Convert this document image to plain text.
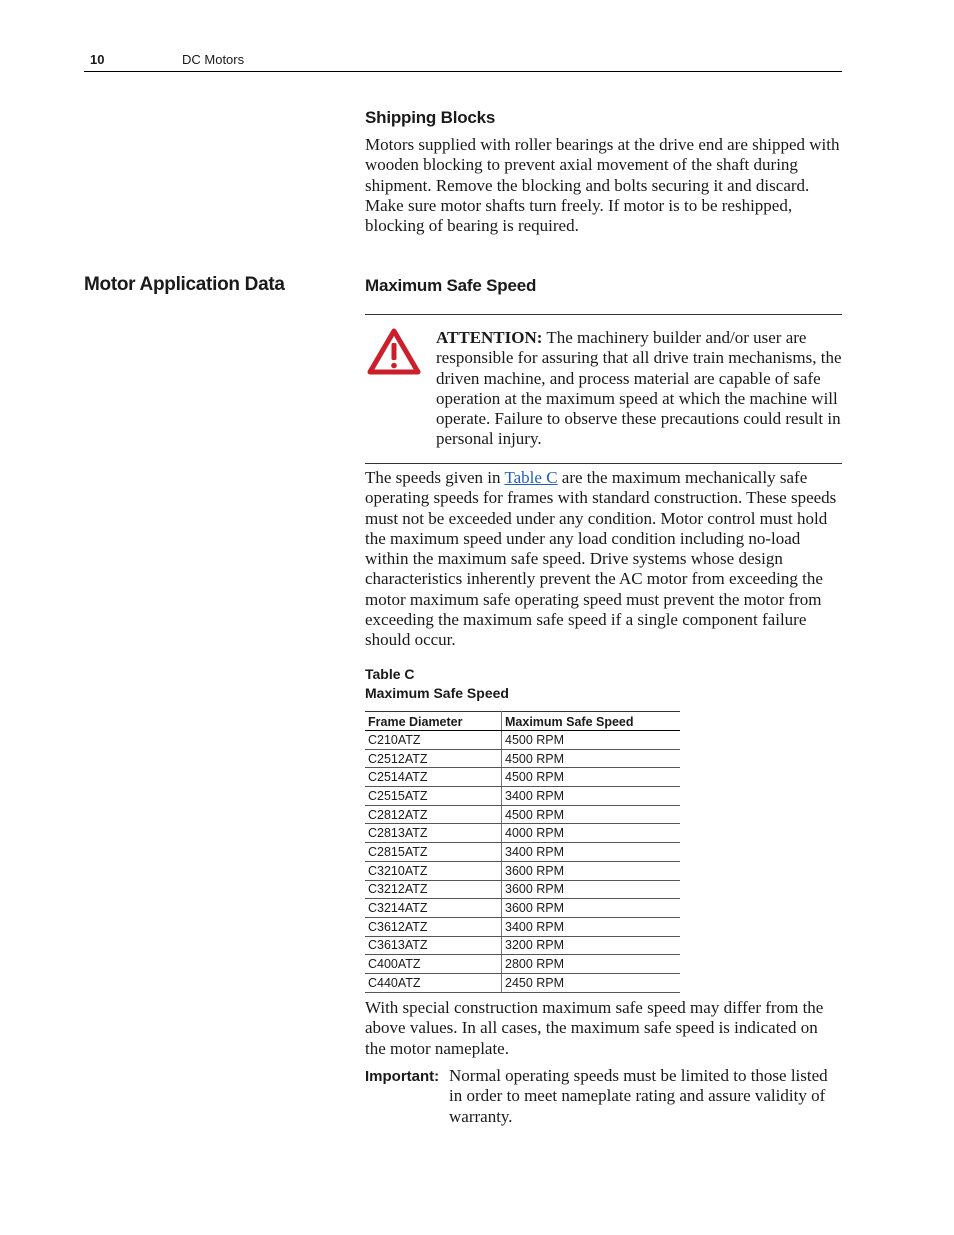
10	DC Motors
Shipping Blocks

Motors supplied with roller bearings at the drive end are shipped with wooden blocking to prevent axial movement of the shaft during shipment. Remove the blocking and bolts securing it and discard. Make sure motor shafts turn freely. If motor is to be reshipped, blocking of bearing is required.

Motor Application Data	Maximum Safe Speed

ATTENTION: The machinery builder and/or user are responsible for assuring that all drive train mechanisms, the driven machine, and process material are capable of safe operation at the maximum speed at which the machine will operate. Failure to observe these precautions could result in personal injury.

The speeds given in Table C are the maximum mechanically safe operating speeds for frames with standard construction. These speeds must not be exceeded under any condition. Motor control must hold the maximum speed under any load condition including no-load within the maximum safe speed. Drive systems whose design characteristics inherently prevent the AC motor from exceeding the motor maximum safe operating speed must prevent the motor from exceeding the maximum safe speed if a single component failure should occur.

Table C
Maximum Safe Speed
Frame Diameter	Maximum Safe Speed
C210ATZ	4500 RPM
C2512ATZ	4500 RPM
C2514ATZ	4500 RPM
C2515ATZ	3400 RPM
C2812ATZ	4500 RPM
C2813ATZ	4000 RPM
C2815ATZ	3400 RPM
C3210ATZ	3600 RPM
C3212ATZ	3600 RPM
C3214ATZ	3600 RPM
C3612ATZ	3400 RPM
C3613ATZ	3200 RPM
C400ATZ	2800 RPM
C440ATZ	2450 RPM

With special construction maximum safe speed may differ from the above values. In all cases, the maximum safe speed is indicated on the motor nameplate.

Important: Normal operating speeds must be limited to those listed in order to meet nameplate rating and assure validity of warranty.
